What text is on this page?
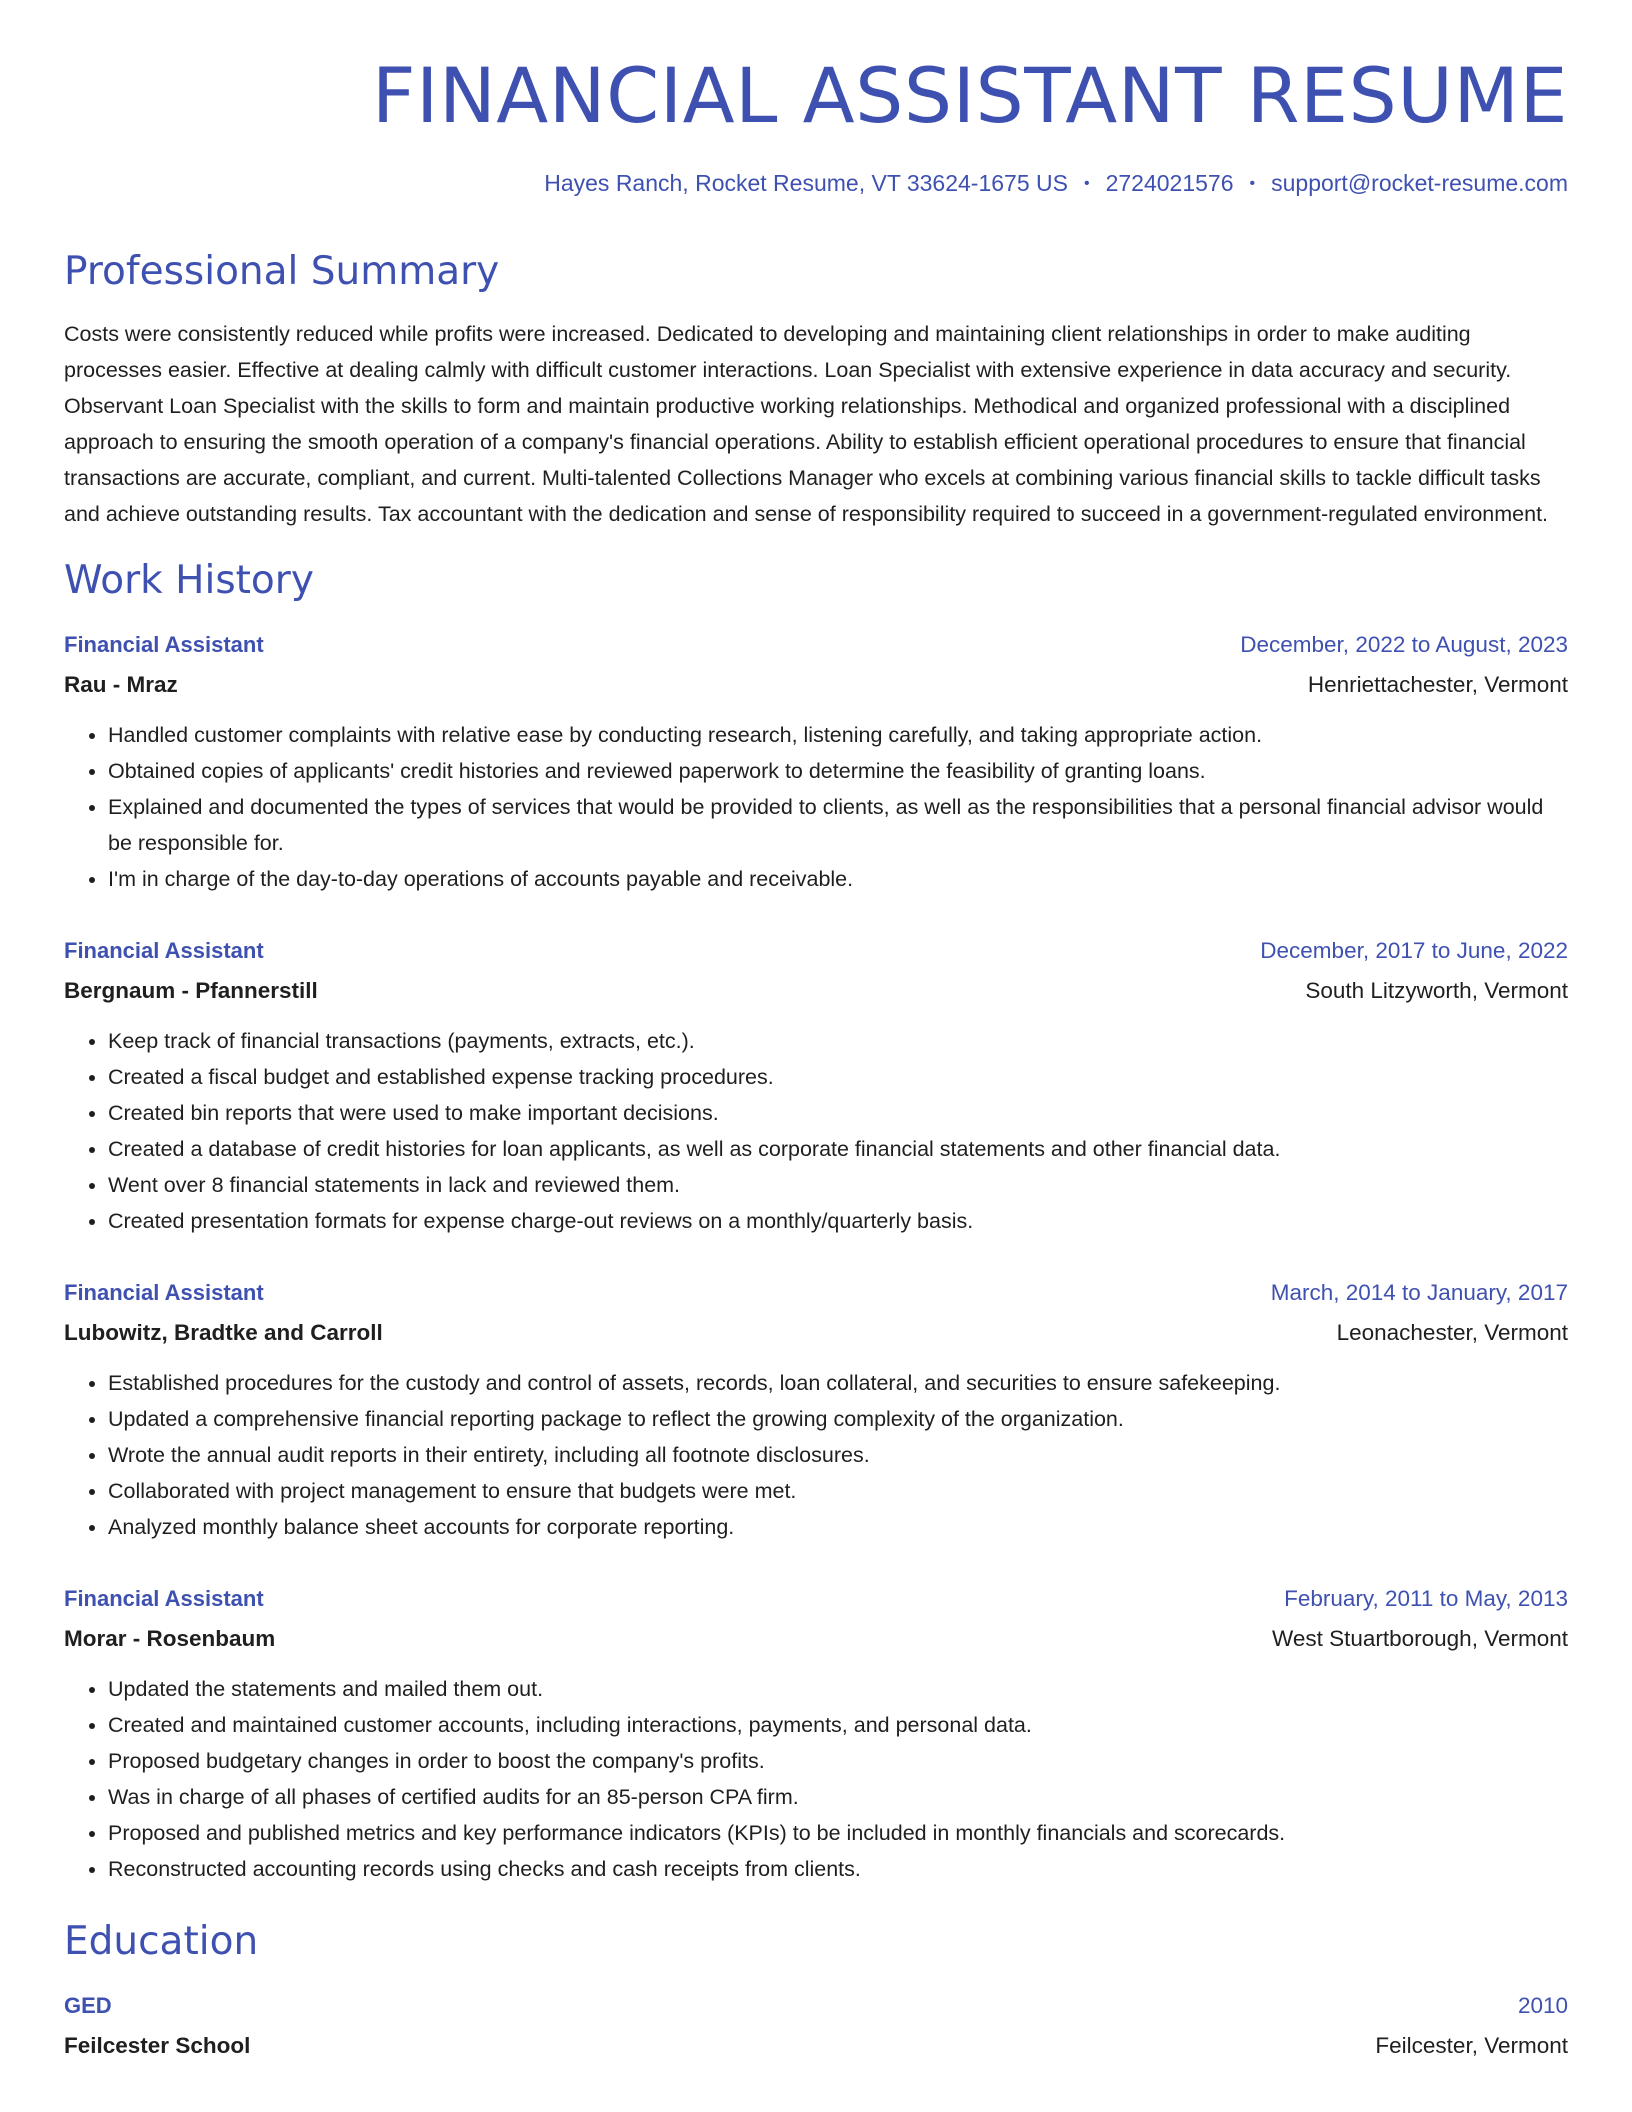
FINANCIAL ASSISTANT RESUME
Hayes Ranch, Rocket Resume, VT 33624-1675 US • 2724021576 • support@rocket-resume.com
Professional Summary

Costs were consistently reduced while profits were increased. Dedicated to developing and maintaining client relationships in order to make auditing processes easier. Effective at dealing calmly with difficult customer interactions. Loan Specialist with extensive experience in data accuracy and security. Observant Loan Specialist with the skills to form and maintain productive working relationships. Methodical and organized professional with a disciplined approach to ensuring the smooth operation of a company's financial operations. Ability to establish efficient operational procedures to ensure that financial transactions are accurate, compliant, and current. Multi-talented Collections Manager who excels at combining various financial skills to tackle difficult tasks and achieve outstanding results. Tax accountant with the dedication and sense of responsibility required to succeed in a government-regulated environment.

Work History
Financial Assistant	December, 2022 to August, 2023
Rau - Mraz	Henriettachester, Vermont
• Handled customer complaints with relative ease by conducting research, listening carefully, and taking appropriate action.
• Obtained copies of applicants' credit histories and reviewed paperwork to determine the feasibility of granting loans.
• Explained and documented the types of services that would be provided to clients, as well as the responsibilities that a personal financial advisor would be responsible for.
• I'm in charge of the day-to-day operations of accounts payable and receivable.
Financial Assistant	December, 2017 to June, 2022
Bergnaum - Pfannerstill	South Litzyworth, Vermont
• Keep track of financial transactions (payments, extracts, etc.).
• Created a fiscal budget and established expense tracking procedures.
• Created bin reports that were used to make important decisions.
• Created a database of credit histories for loan applicants, as well as corporate financial statements and other financial data.
• Went over 8 financial statements in lack and reviewed them.
• Created presentation formats for expense charge-out reviews on a monthly/quarterly basis.
Financial Assistant	March, 2014 to January, 2017
Lubowitz, Bradtke and Carroll	Leonachester, Vermont
• Established procedures for the custody and control of assets, records, loan collateral, and securities to ensure safekeeping.
• Updated a comprehensive financial reporting package to reflect the growing complexity of the organization.
• Wrote the annual audit reports in their entirety, including all footnote disclosures.
• Collaborated with project management to ensure that budgets were met.
• Analyzed monthly balance sheet accounts for corporate reporting.
Financial Assistant	February, 2011 to May, 2013
Morar - Rosenbaum	West Stuartborough, Vermont
• Updated the statements and mailed them out.
• Created and maintained customer accounts, including interactions, payments, and personal data.
• Proposed budgetary changes in order to boost the company's profits.
• Was in charge of all phases of certified audits for an 85-person CPA firm.
• Proposed and published metrics and key performance indicators (KPIs) to be included in monthly financials and scorecards.
• Reconstructed accounting records using checks and cash receipts from clients.
Education
GED	2010
Feilcester School	Feilcester, Vermont
